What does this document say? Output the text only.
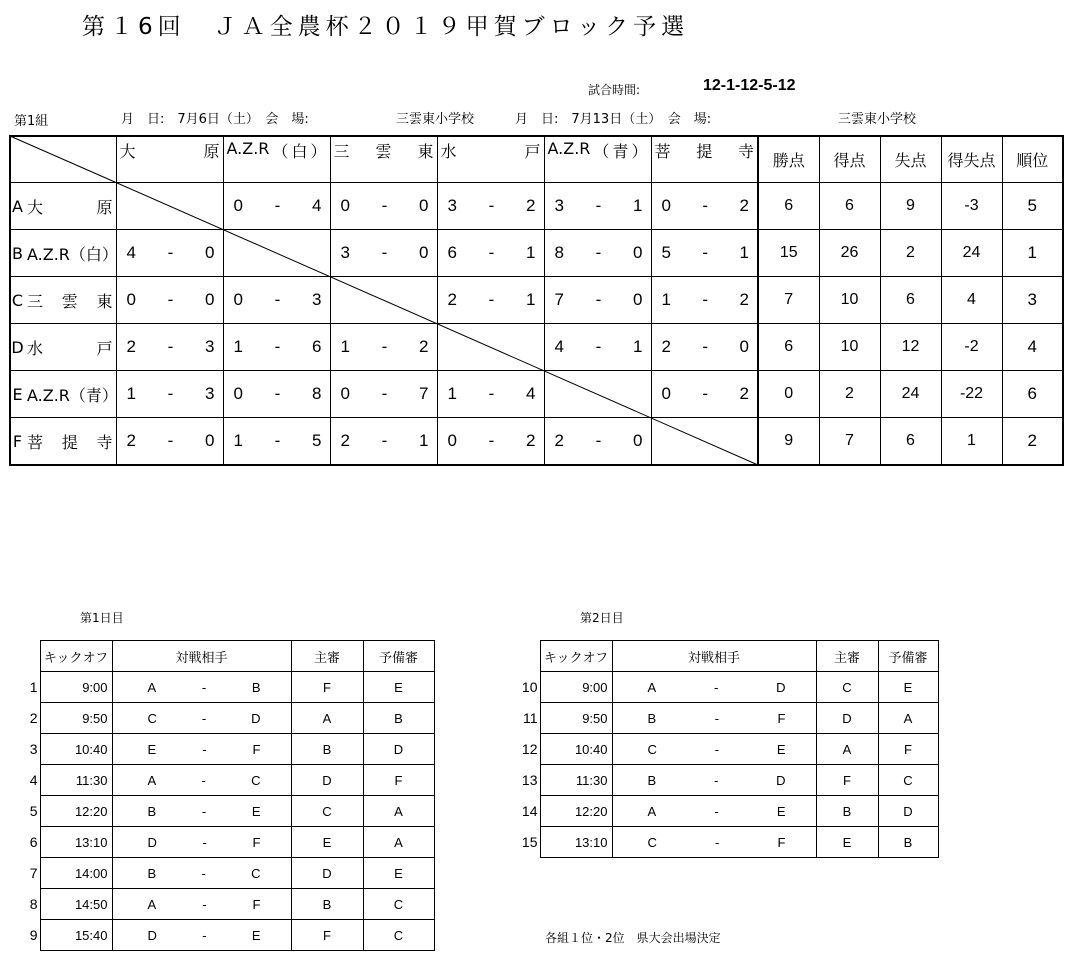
第１6回　ＪＡ全農杯２０１９甲賀ブロック予選
試合時間:	12-1-12-5-12
第1組	月　日:　7月6日（土）　会　場:	三雲東小学校	月　日:　7月13日（土）　会　場:	三雲東小学校

		大 原	A.Z.R （ 白 ）	三 雲 東	水 戸	A.Z.R （ 青 ）	菩 提 寺	勝点	得点	失点	得失点	順位
A	大 原		0 - 4	0 - 0	3 - 2	3 - 1	0 - 2	6	6	9	-3	5
B	A.Z.R（白）	4 - 0		3 - 0	6 - 1	8 - 0	5 - 1	15	26	2	24	1
C	三 雲 東	0 - 0	0 - 3		2 - 1	7 - 0	1 - 2	7	10	6	4	3
D	水 戸	2 - 3	1 - 6	1 - 2		4 - 1	2 - 0	6	10	12	-2	4
E	A.Z.R（青）	1 - 3	0 - 8	0 - 7	1 - 4		0 - 2	0	2	24	-22	6
F	菩 提 寺	2 - 0	1 - 5	2 - 1	0 - 2	2 - 0		9	7	6	1	2
第1日目	第2日目
	キックオフ	対戦相手	主審	予備審
1	9:00	A - B	F	E
2	9:50	C - D	A	B
3	10:40	E - F	B	D
4	11:30	A - C	D	F
5	12:20	B - E	C	A
6	13:10	D - F	E	A
7	14:00	B - C	D	E
8	14:50	A - F	B	C
9	15:40	D - E	F	C
	キックオフ	対戦相手	主審	予備審
10	9:00	A - D	C	E
11	9:50	B - F	D	A
12	10:40	C - E	A	F
13	11:30	B - D	F	C
14	12:20	A - E	B	D
15	13:10	C - F	E	B
各組１位・2位　県大会出場決定
